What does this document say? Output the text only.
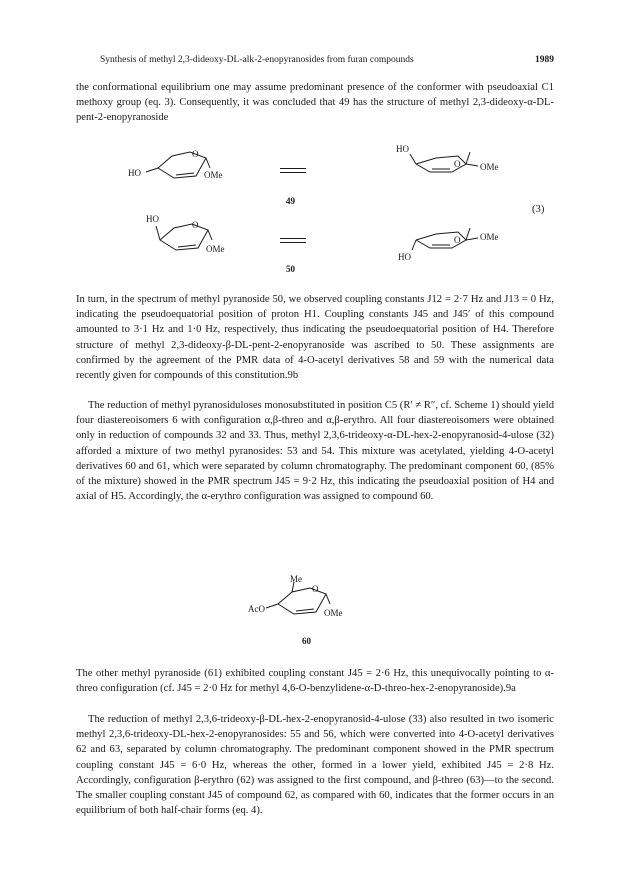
Synthesis of methyl 2,3-dideoxy-DL-alk-2-enopyranosides from furan compounds	1989

the conformational equilibrium one may assume predominant presence of the conformer with pseudoaxial C1 methoxy group (eq. 3). Consequently, it was concluded that 49 has the structure of methyl 2,3-dideoxy-α-DL-pent-2-enopyranoside

HO
O
OMe
HO
O OMe
49
(3)
HO
O
OMe
HO
O OMe
50

In turn, in the spectrum of methyl pyranoside 50, we observed coupling constants J12 = 2·7 Hz and J13 = 0 Hz, indicating the pseudoequatorial position of proton H1. Coupling constants J45 and J45′ of this compound amounted to 3·1 Hz and 1·0 Hz, respectively, thus indicating the pseudoequatorial position of H4. Therefore structure of methyl 2,3-dideoxy-β-DL-pent-2-enopyranoside was ascribed to 50. These assignments are confirmed by the agreement of the PMR data of 4-O-acetyl derivatives 58 and 59 with the numerical data recently given for compounds of this constitution.9b

The reduction of methyl pyranosiduloses monosubstituted in position C5 (R′ ≠ R″, cf. Scheme 1) should yield four diastereoisomers 6 with configuration α,β-threo and α,β-erythro. All four diastereoisomers were obtained only in reduction of compounds 32 and 33. Thus, methyl 2,3,6-trideoxy-α-DL-hex-2-enopyranosid-4-ulose (32) afforded a mixture of two methyl pyranosides: 53 and 54. This mixture was acetylated, yielding 4-O-acetyl derivatives 60 and 61, which were separated by column chromatography. The predominant component 60, (85% of the mixture) showed in the PMR spectrum J45 = 9·2 Hz, this indicating the pseudoaxial position of H4 and axial of H5. Accordingly, the α-erythro configuration was assigned to compound 60.

AcO
Me
O
OMe
60

The other methyl pyranoside (61) exhibited coupling constant J45 = 2·6 Hz, this unequivocally pointing to α-threo configuration (cf. J45 = 2·0 Hz for methyl 4,6-O-benzylidene-α-D-threo-hex-2-enopyranoside).9a

The reduction of methyl 2,3,6-trideoxy-β-DL-hex-2-enopyranosid-4-ulose (33) also resulted in two isomeric methyl 2,3,6-trideoxy-DL-hex-2-enopyranosides: 55 and 56, which were converted into 4-O-acetyl derivatives 62 and 63, separated by column chromatography. The predominant component showed in the PMR spectrum coupling constant J45 = 6·0 Hz, whereas the other, formed in a lower yield, exhibited J45 = 2·8 Hz. Accordingly, configuration β-erythro (62) was assigned to the first compound, and β-threo (63)—to the second. The smaller coupling constant J45 of compound 62, as compared with 60, indicates that the former occurs in an equilibrium of both half-chair forms (eq. 4).
